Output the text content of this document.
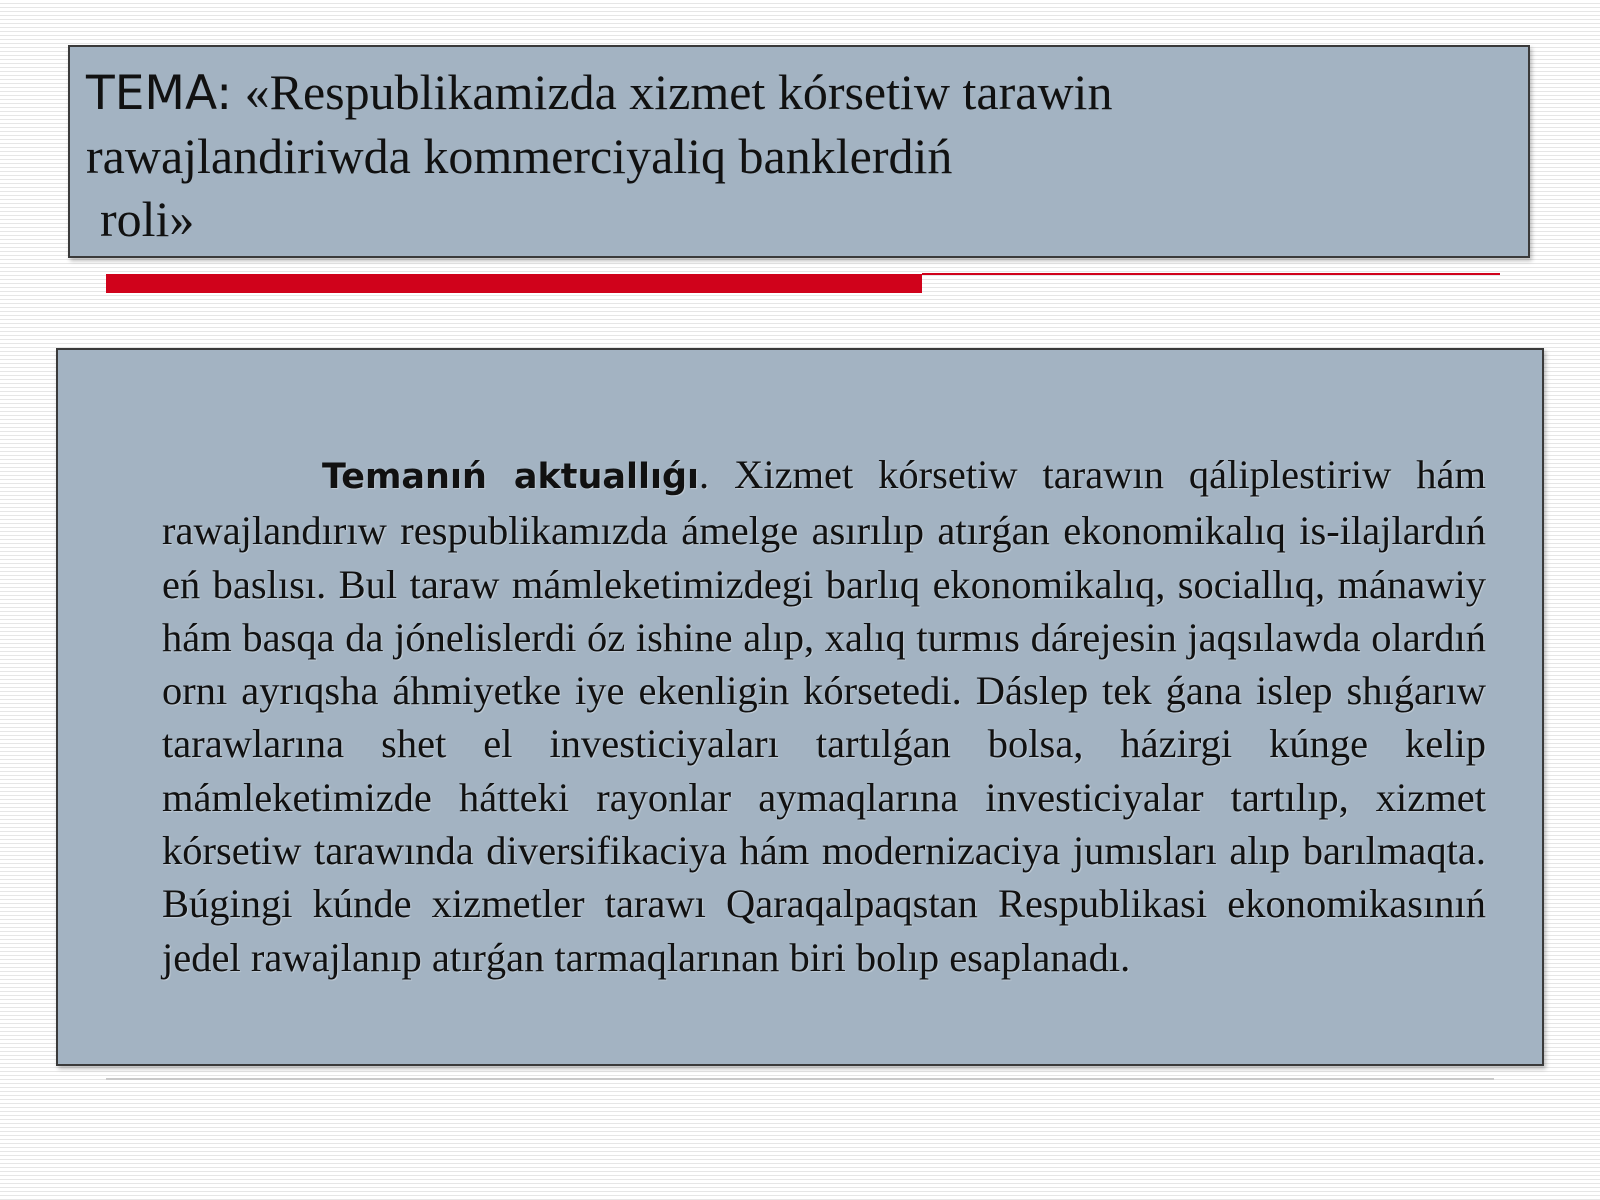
TEMA: «Respublikamizda xizmet kórsetiw tarawin
rawajlandiriwda kommerciyaliq banklerdiń
roli»

Temanıń aktuallıǵı. Xizmet kórsetiw tarawın qáliplestiriw hám rawajlandırıw respublikamızda ámelge asırılıp atırǵan ekonomikalıq is-ilajlardıń eń baslısı. Bul taraw mámleketimizdegi barlıq ekonomikalıq, sociallıq, mánawiy hám basqa da jónelislerdi óz ishine alıp, xalıq turmıs dárejesin jaqsılawda olardıń ornı ayrıqsha áhmiyetke iye ekenligin kórsetedi. Dáslep tek ǵana islep shıǵarıw tarawlarına shet el investiciyaları tartılǵan bolsa, házirgi kúnge kelip mámleketimizde hátteki rayonlar aymaqlarına investiciyalar tartılıp, xizmet kórsetiw tarawında diversifikaciya hám modernizaciya jumısları alıp barılmaqta. Búgingi kúnde xizmetler tarawı Qaraqalpaqstan Respublikasi ekonomikasınıń jedel rawajlanıp atırǵan tarmaqlarınan biri bolıp esaplanadı.
